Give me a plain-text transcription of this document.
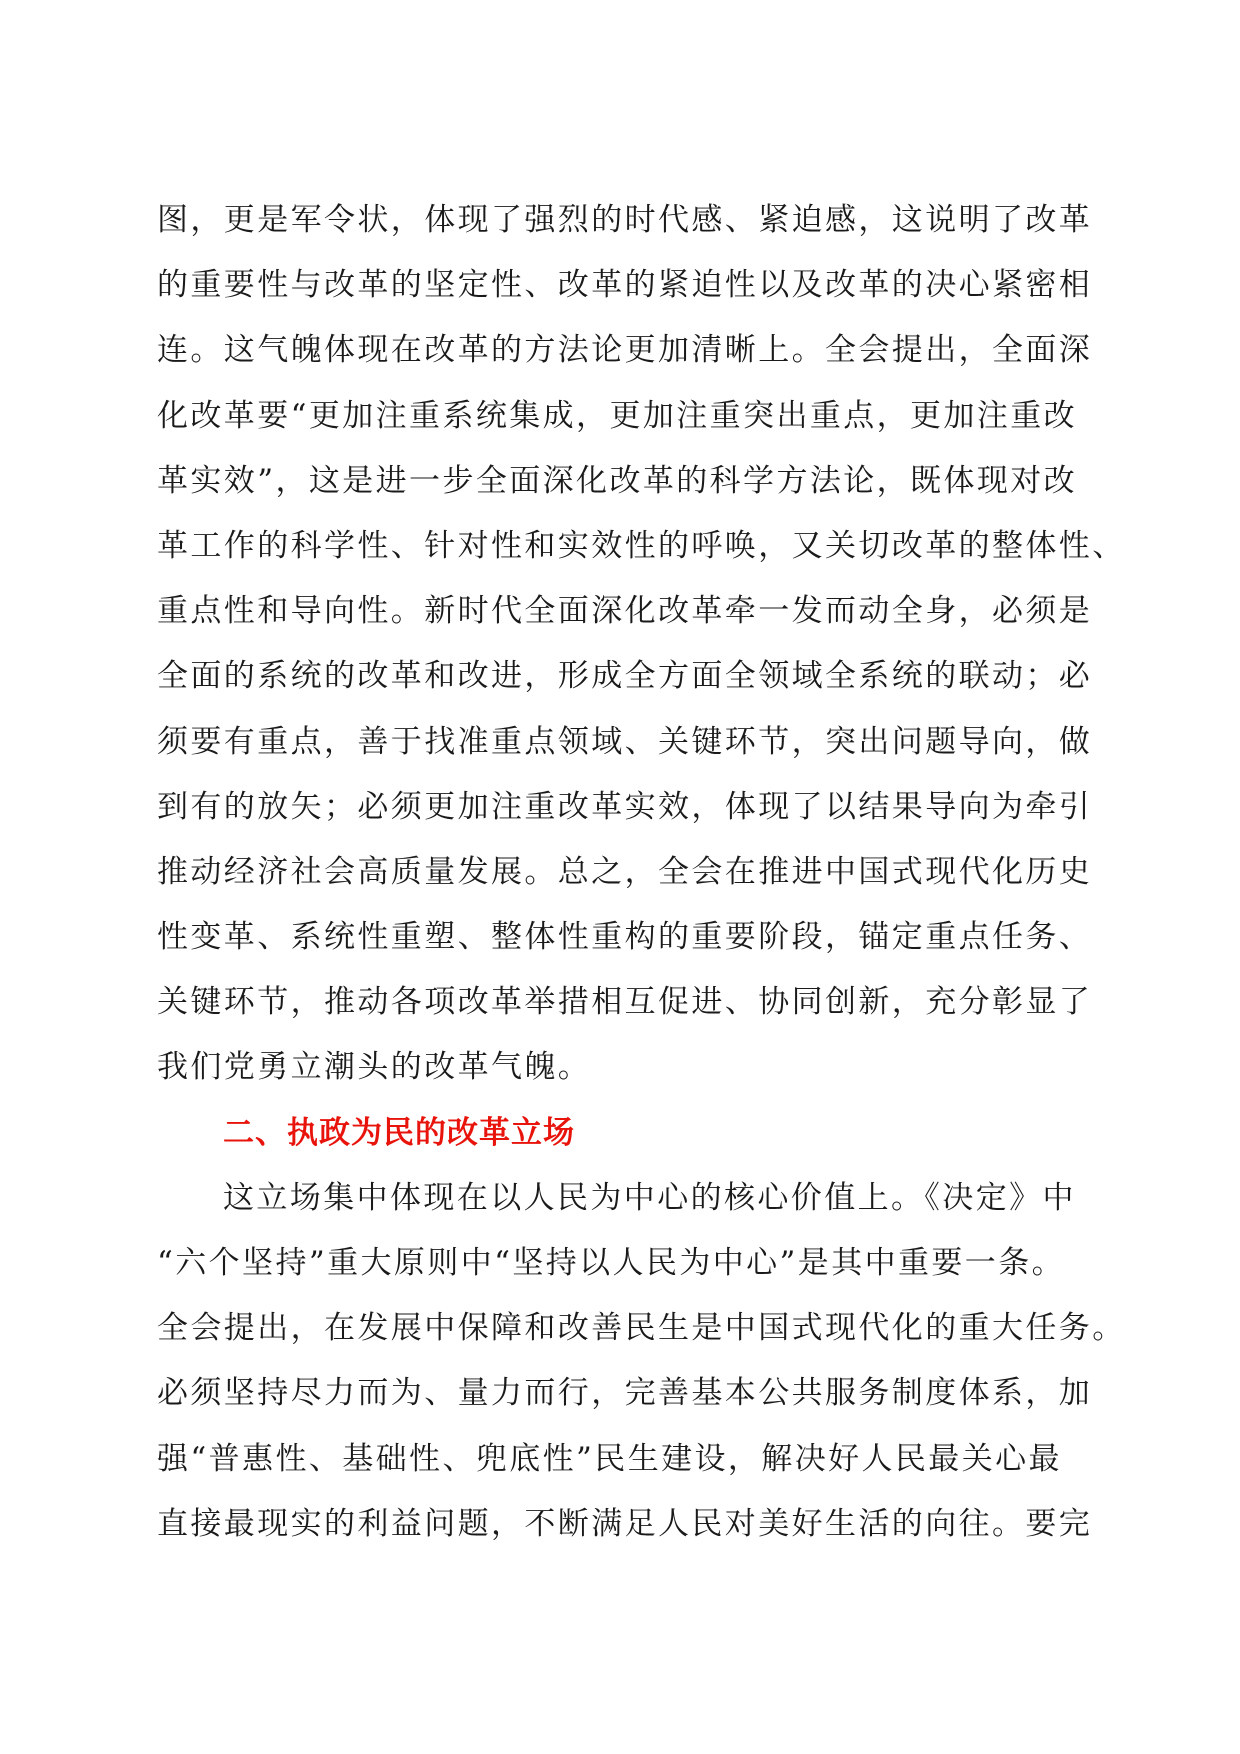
图，更是军令状，体现了强烈的时代感、紧迫感，这说明了改革
的重要性与改革的坚定性、改革的紧迫性以及改革的决心紧密相
连。这气魄体现在改革的方法论更加清晰上。全会提出，全面深
化改革要“更加注重系统集成，更加注重突出重点，更加注重改
革实效”，这是进一步全面深化改革的科学方法论，既体现对改
革工作的科学性、针对性和实效性的呼唤，又关切改革的整体性、
重点性和导向性。新时代全面深化改革牵一发而动全身，必须是
全面的系统的改革和改进，形成全方面全领域全系统的联动；必
须要有重点，善于找准重点领域、关键环节，突出问题导向，做
到有的放矢；必须更加注重改革实效，体现了以结果导向为牵引
推动经济社会高质量发展。总之，全会在推进中国式现代化历史
性变革、系统性重塑、整体性重构的重要阶段，锚定重点任务、
关键环节，推动各项改革举措相互促进、协同创新，充分彰显了
我们党勇立潮头的改革气魄。
二、执政为民的改革立场
这立场集中体现在以人民为中心的核心价值上。《决定》中
“六个坚持”重大原则中“坚持以人民为中心”是其中重要一条。
全会提出，在发展中保障和改善民生是中国式现代化的重大任务。
必须坚持尽力而为、量力而行，完善基本公共服务制度体系，加
强“普惠性、基础性、兜底性”民生建设，解决好人民最关心最
直接最现实的利益问题，不断满足人民对美好生活的向往。要完
